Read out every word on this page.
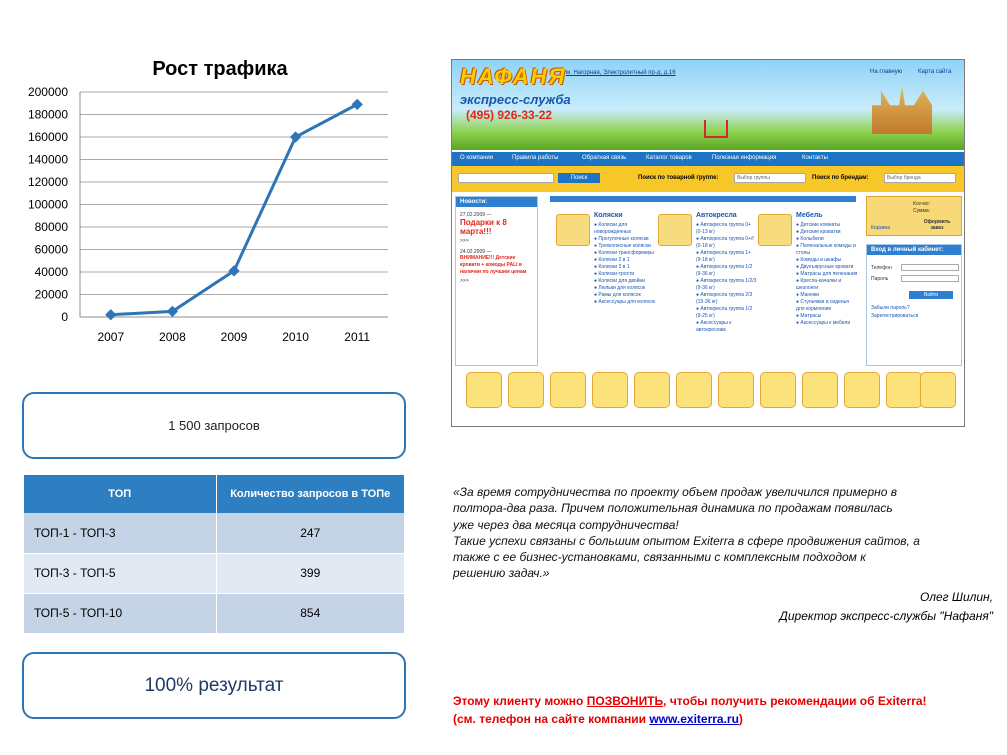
Рост трафика
200000
180000
160000
140000
120000
100000
80000
60000
40000
20000
0
2007	2008	2009	2010	2011
1 500 запросов
ТОП	Количество запросов в ТОПе
ТОП-1 - ТОП-3	247
ТОП-3 - ТОП-5	399
ТОП-5 - ТОП-10	854
100% результат
НАФАНЯ
экспресс-служба
(495) 926-33-22
м. Нагорная, Электролитный пр-д, д.16	На главную	Карта сайта
О компании	Правила работы	Обратная связь	Каталог товаров	Полезная информация	Контакты
Поиск	Поиск по товарной группе:	Выбор группы	Поиск по брендам:	Выбор бренда
Новости:
27.02.2009 —
Подарки к 8 марта!!!
>>>
24.02.2009 —
ВНИМАНИЕ!!! Детские кровати + комоды PALI в наличии по лучшим ценам
>>>
Коляски
● Коляски для новорожденных
● Прогулочные коляски
● Трехколесные коляски
● Коляски трансформеры
● Коляски 2 в 1
● Коляски 3 в 1
● Коляски-трости
● Коляски для двойни
● Люльки для колясок
● Рамы для колясок
● Аксессуары для колясок
Автокресла
● Автокресла группа 0+ (0-13 кг)
● Автокресла группа 0+/I (0-18 кг)
● Автокресла группа 1+ (9-18 кг)
● Автокресла группа 1/2 (9-36 кг)
● Автокресла группа 1/2/3 (9-36 кг)
● Автокресла группа 2/3 (15-36 кг)
● Автокресла группа 1/2 (9-25 кг)
● Аксессуары к автокреслам
Мебель
● Детские комнаты
● Детские кроватки
● Колыбели
● Пеленальные комоды и столы
● Комоды и шкафы
● Двухъярусные кровати
● Матрасы для пеленания
● Кресла-качалки и шезлонги
● Манежи
● Стульчики и сиденья для кормления
● Матрасы
● Аксессуары к мебели
Корзина
Кол-во:
Сумма:
Оформить заказ
Вход в личный кабинет:
Телефон
Пароль
Войти
Забыли пароль?
Зарегистрироваться
«За время сотрудничества по проекту объем продаж увеличился примерно в
полтора-два раза. Причем положительная динамика по продажам появилась
уже через два месяца сотрудничества!
Такие успехи связаны с большим опытом Exiterra в сфере продвижения сайтов, а
также с ее бизнес-установками, связанными с комплексным подходом к
решению задач.»
Олег Шилин,
Директор экспресс-службы "Нафаня"
Этому клиенту можно ПОЗВОНИТЬ, чтобы получить рекомендации об Exiterra!
(см. телефон на сайте компании www.exiterra.ru)
